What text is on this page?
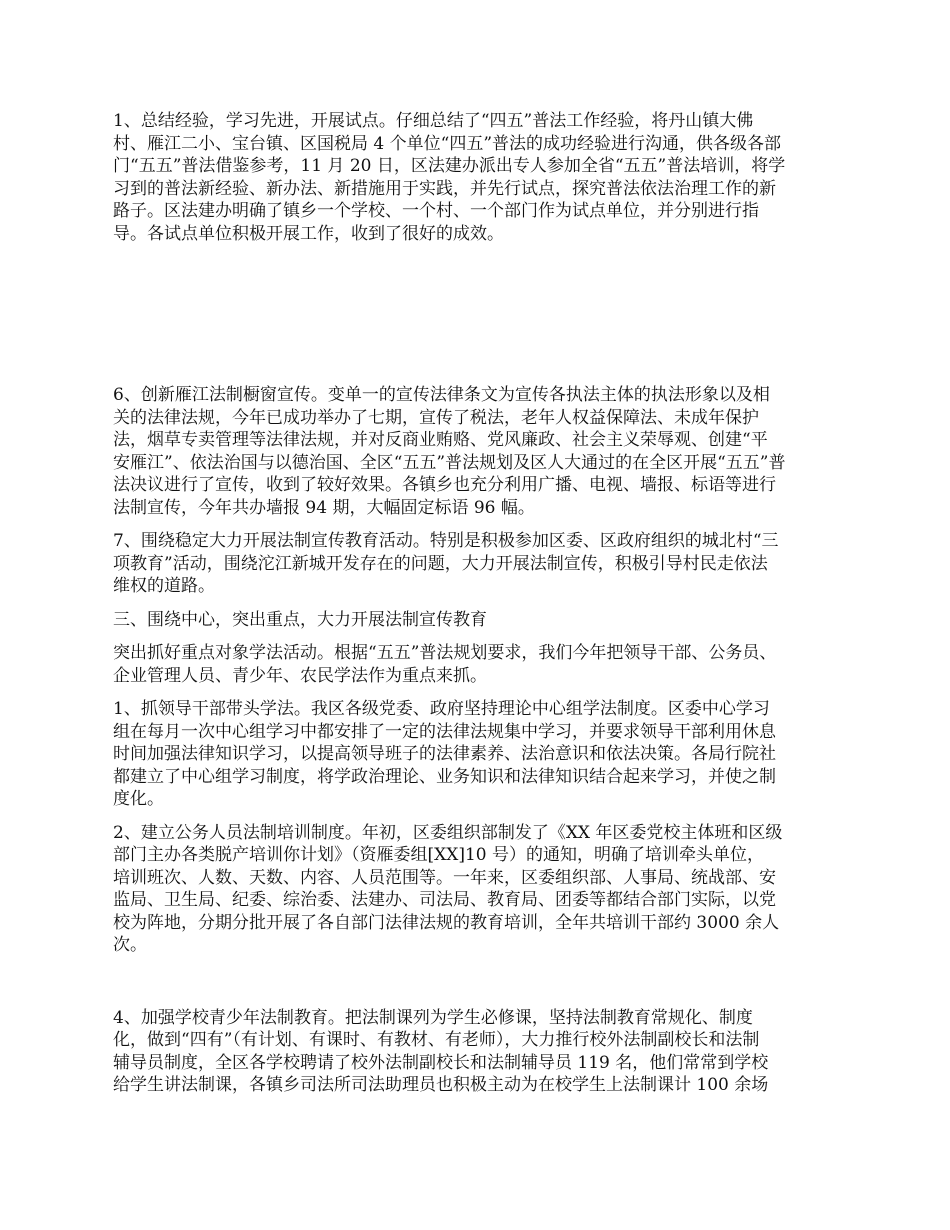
1、总结经验，学习先进，开展试点。仔细总结了“四五”普法工作经验，将丹山镇大佛
村、雁江二小、宝台镇、区国税局 4 个单位“四五”普法的成功经验进行沟通，供各级各部
门“五五”普法借鉴参考，11 月 20 日，区法建办派出专人参加全省“五五”普法培训，将学
习到的普法新经验、新办法、新措施用于实践，并先行试点，探究普法依法治理工作的新
路子。区法建办明确了镇乡一个学校、一个村、一个部门作为试点单位，并分别进行指
导。各试点单位积极开展工作，收到了很好的成效。

6、创新雁江法制橱窗宣传。变单一的宣传法律条文为宣传各执法主体的执法形象以及相
关的法律法规，今年已成功举办了七期，宣传了税法，老年人权益保障法、未成年保护
法，烟草专卖管理等法律法规，并对反商业贿赂、党风廉政、社会主义荣辱观、创建“平
安雁江”、依法治国与以德治国、全区“五五”普法规划及区人大通过的在全区开展“五五”普
法决议进行了宣传，收到了较好效果。各镇乡也充分利用广播、电视、墙报、标语等进行
法制宣传，今年共办墙报 94 期，大幅固定标语 96 幅。

7、围绕稳定大力开展法制宣传教育活动。特别是积极参加区委、区政府组织的城北村“三
项教育”活动，围绕沱江新城开发存在的问题，大力开展法制宣传，积极引导村民走依法
维权的道路。

三、围绕中心，突出重点，大力开展法制宣传教育

突出抓好重点对象学法活动。根据“五五”普法规划要求，我们今年把领导干部、公务员、
企业管理人员、青少年、农民学法作为重点来抓。

1、抓领导干部带头学法。我区各级党委、政府坚持理论中心组学法制度。区委中心学习
组在每月一次中心组学习中都安排了一定的法律法规集中学习，并要求领导干部利用休息
时间加强法律知识学习，以提高领导班子的法律素养、法治意识和依法决策。各局行院社
都建立了中心组学习制度，将学政治理论、业务知识和法律知识结合起来学习，并使之制
度化。

2、建立公务人员法制培训制度。年初，区委组织部制发了《XX 年区委党校主体班和区级
部门主办各类脱产培训你计划》（资雁委组[XX]10 号）的通知，明确了培训牵头单位，
培训班次、人数、天数、内容、人员范围等。一年来，区委组织部、人事局、统战部、安
监局、卫生局、纪委、综治委、法建办、司法局、教育局、团委等都结合部门实际，以党
校为阵地，分期分批开展了各自部门法律法规的教育培训，全年共培训干部约 3000 余人
次。

4、加强学校青少年法制教育。把法制课列为学生必修课，坚持法制教育常规化、制度
化，做到“四有”（有计划、有课时、有教材、有老师），大力推行校外法制副校长和法制
辅导员制度，全区各学校聘请了校外法制副校长和法制辅导员 119 名，他们常常到学校
给学生讲法制课，各镇乡司法所司法助理员也积极主动为在校学生上法制课计 100 余场
